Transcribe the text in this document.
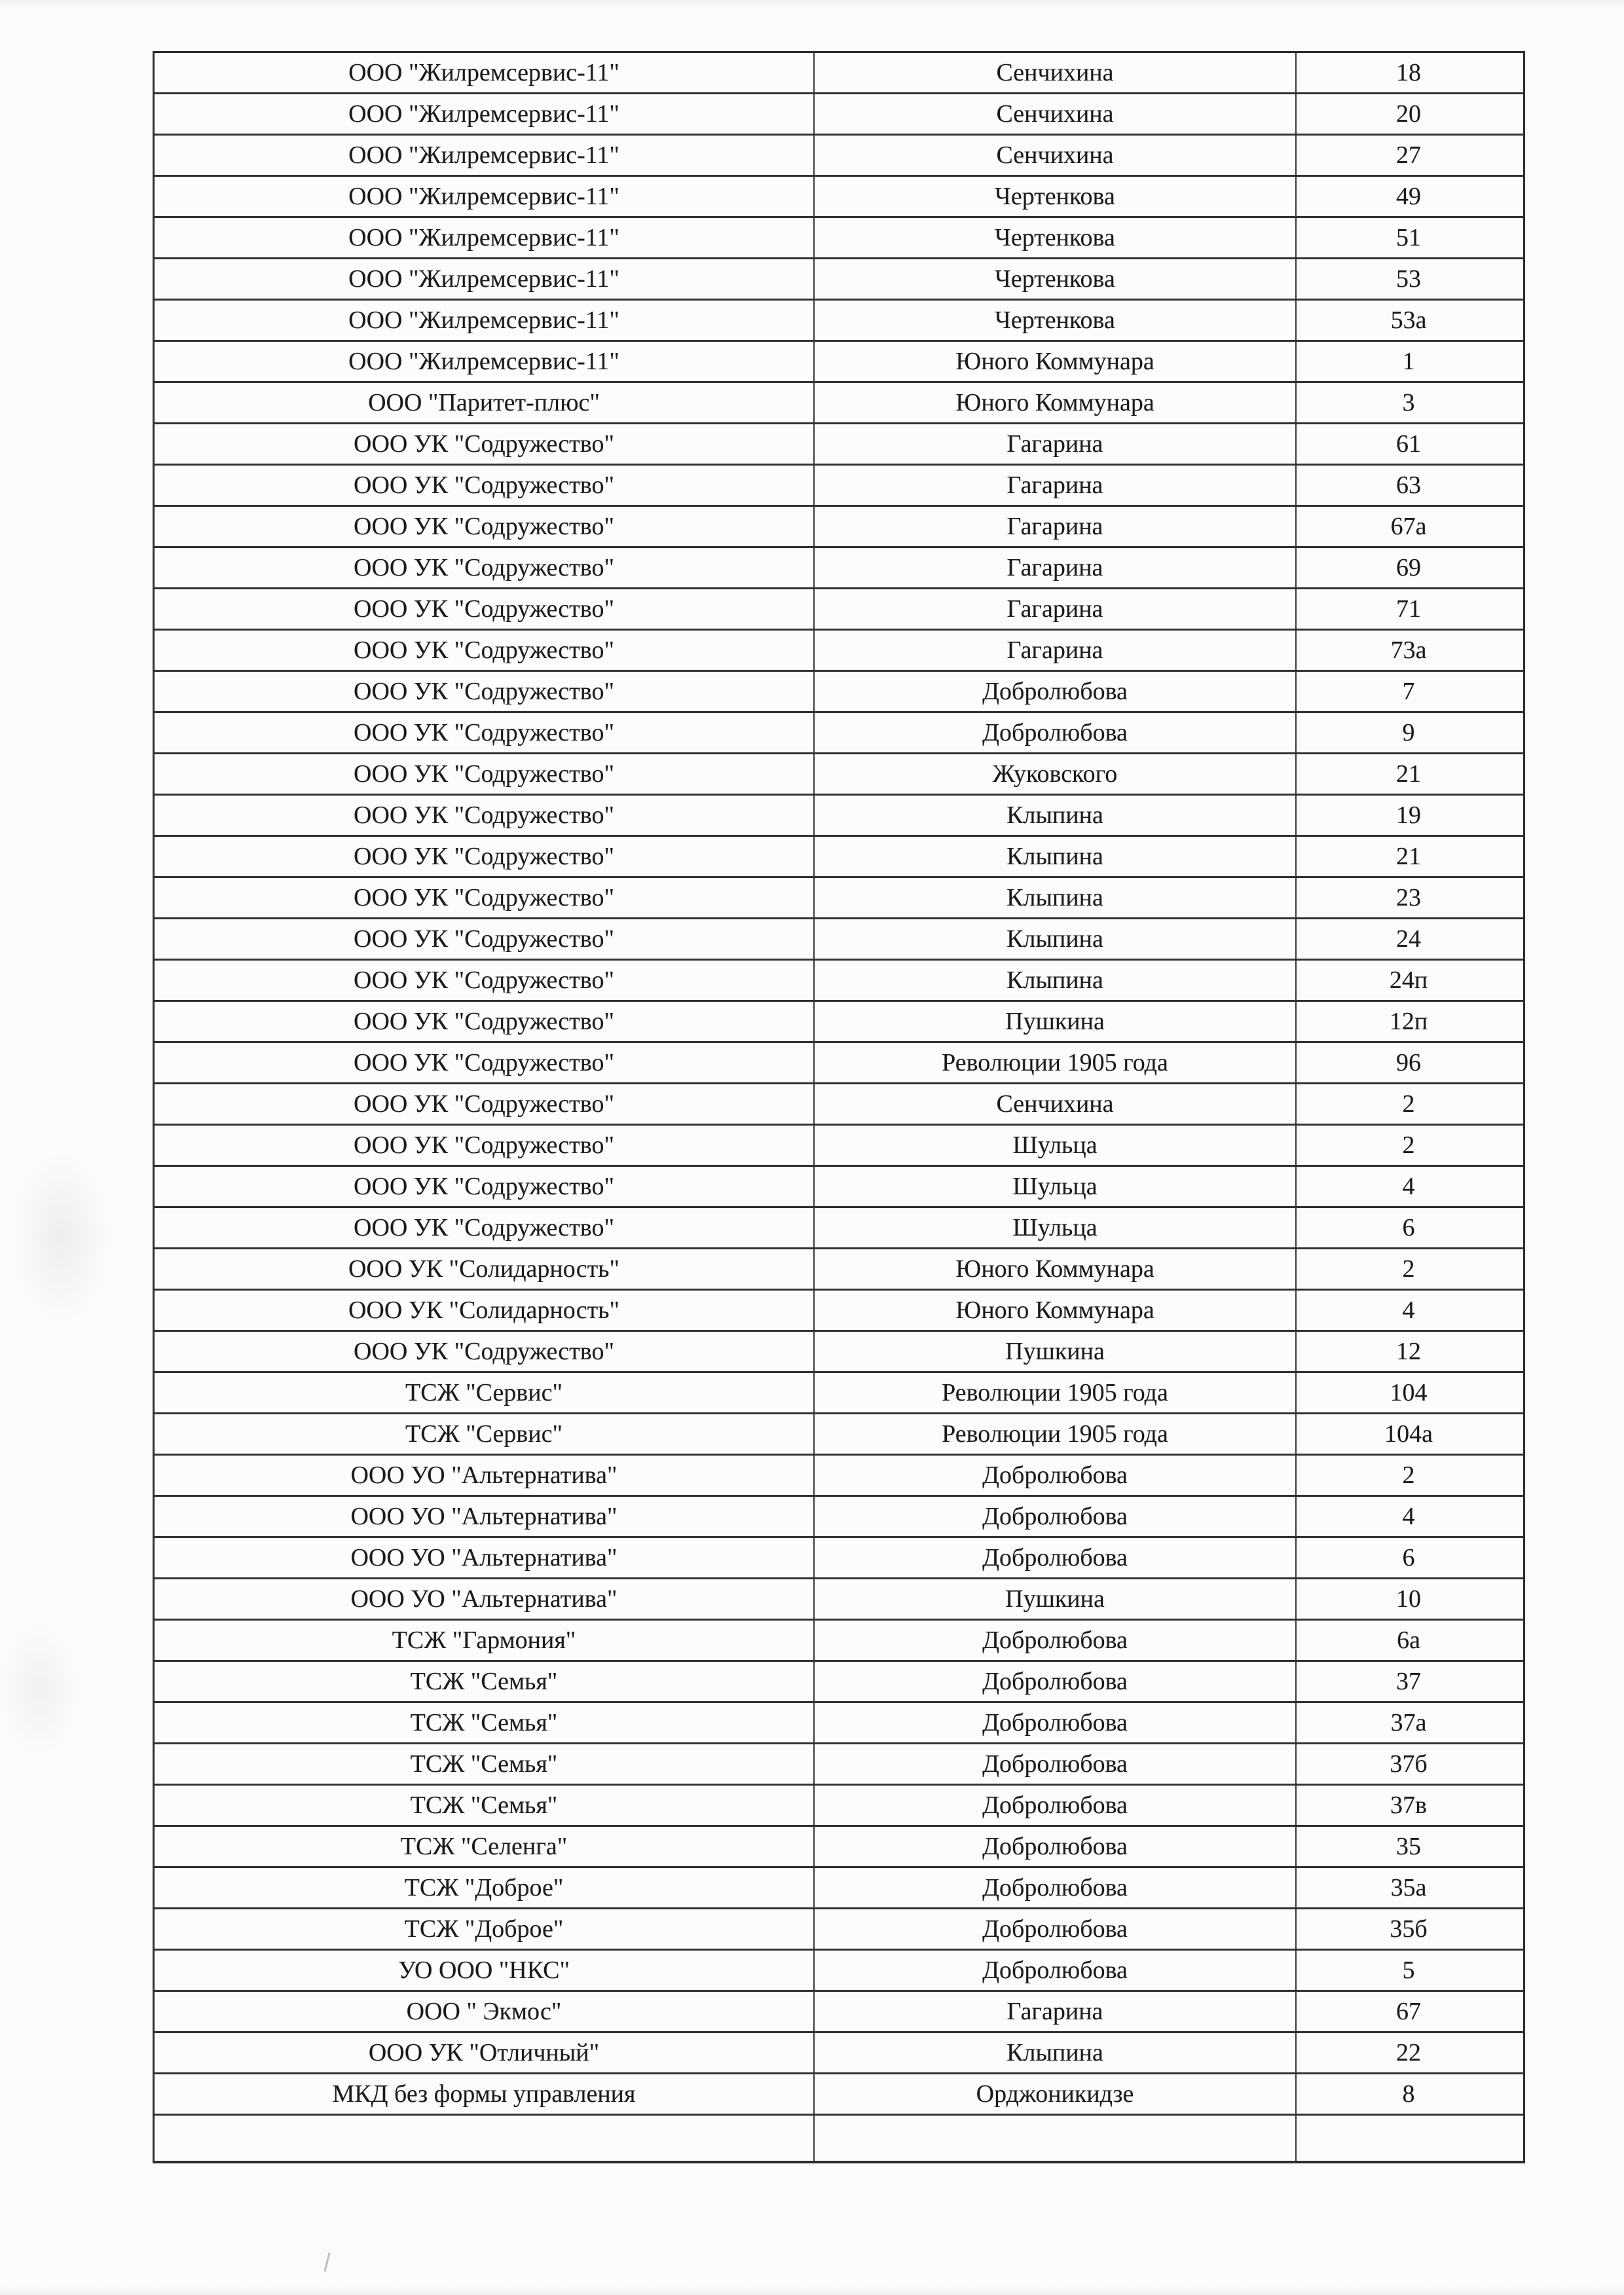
ООО "Жилремсервис-11"	Сенчихина	18
ООО "Жилремсервис-11"	Сенчихина	20
ООО "Жилремсервис-11"	Сенчихина	27
ООО "Жилремсервис-11"	Чертенкова	49
ООО "Жилремсервис-11"	Чертенкова	51
ООО "Жилремсервис-11"	Чертенкова	53
ООО "Жилремсервис-11"	Чертенкова	53а
ООО "Жилремсервис-11"	Юного Коммунара	1
ООО "Паритет-плюс"	Юного Коммунара	3
ООО УК "Содружество"	Гагарина	61
ООО УК "Содружество"	Гагарина	63
ООО УК "Содружество"	Гагарина	67а
ООО УК "Содружество"	Гагарина	69
ООО УК "Содружество"	Гагарина	71
ООО УК "Содружество"	Гагарина	73а
ООО УК "Содружество"	Добролюбова	7
ООО УК "Содружество"	Добролюбова	9
ООО УК "Содружество"	Жуковского	21
ООО УК "Содружество"	Клыпина	19
ООО УК "Содружество"	Клыпина	21
ООО УК "Содружество"	Клыпина	23
ООО УК "Содружество"	Клыпина	24
ООО УК "Содружество"	Клыпина	24п
ООО УК "Содружество"	Пушкина	12п
ООО УК "Содружество"	Революции 1905 года	96
ООО УК "Содружество"	Сенчихина	2
ООО УК "Содружество"	Шульца	2
ООО УК "Содружество"	Шульца	4
ООО УК "Содружество"	Шульца	6
ООО УК "Солидарность"	Юного Коммунара	2
ООО УК "Солидарность"	Юного Коммунара	4
ООО УК "Содружество"	Пушкина	12
ТСЖ "Сервис"	Революции 1905 года	104
ТСЖ "Сервис"	Революции 1905 года	104а
ООО УО "Альтернатива"	Добролюбова	2
ООО УО "Альтернатива"	Добролюбова	4
ООО УО "Альтернатива"	Добролюбова	6
ООО УО "Альтернатива"	Пушкина	10
ТСЖ "Гармония"	Добролюбова	6а
ТСЖ "Семья"	Добролюбова	37
ТСЖ "Семья"	Добролюбова	37а
ТСЖ "Семья"	Добролюбова	37б
ТСЖ "Семья"	Добролюбова	37в
ТСЖ "Селенга"	Добролюбова	35
ТСЖ "Доброе"	Добролюбова	35а
ТСЖ "Доброе"	Добролюбова	35б
УО ООО "НКС"	Добролюбова	5
ООО " Экмос"	Гагарина	67
ООО УК "Отличный"	Клыпина	22
МКД без формы управления	Орджоникидзе	8
